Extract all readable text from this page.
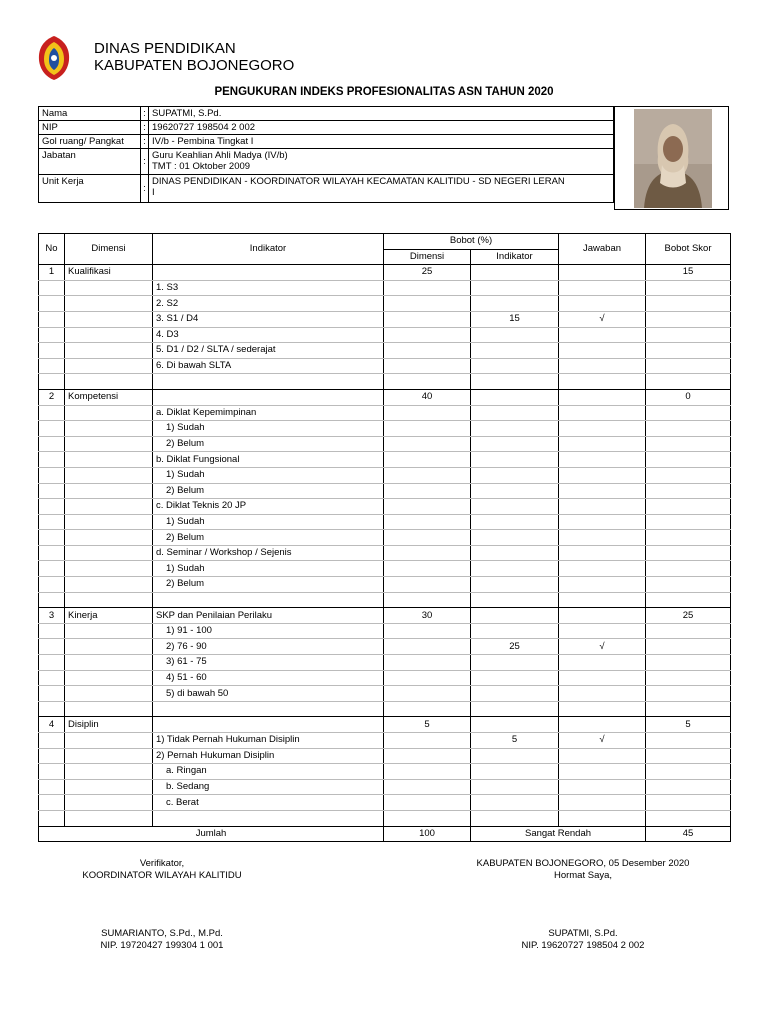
DINAS PENDIDIKAN
KABUPATEN BOJONEGORO
PENGUKURAN INDEKS PROFESIONALITAS ASN TAHUN 2020
Nama	:	SUPATMI, S.Pd.
NIP	:	19620727 198504 2 002
Gol ruang/ Pangkat	:	IV/b - Pembina Tingkat I
Jabatan	:	Guru Keahlian Ahli Madya (IV/b)
TMT : 01 Oktober 2009

Unit Kerja	:	DINAS PENDIDIKAN - KOORDINATOR WILAYAH KECAMATAN KALITIDU - SD NEGERI LERAN
I
No	Dimensi	Indikator	Bobot (%)		Jawaban	Bobot Skor
			Dimensi	Indikator		
1	Kualifikasi		25			15
		1. S3				
		2. S2				
		3. S1 / D4		15	√	
		4. D3				
		5. D1 / D2 / SLTA / sederajat				
		6. Di bawah SLTA				

2	Kompetensi		40			0
		a. Diklat Kepemimpinan				
		1) Sudah				
		2) Belum				
		b. Diklat Fungsional				
		1) Sudah				
		2) Belum				
		c. Diklat Teknis 20 JP				
		1) Sudah				
		2) Belum				
		d. Seminar / Workshop / Sejenis				
		1) Sudah				
		2) Belum				

3	Kinerja	SKP dan Penilaian Perilaku	30			25
		1) 91 - 100				
		2) 76 - 90		25	√	
		3) 61 - 75				
		4) 51 - 60				
		5) di bawah 50				

4	Disiplin		5			5
		1) Tidak Pernah Hukuman Disiplin		5	√	
		2) Pernah Hukuman Disiplin				
		a. Ringan				
		b. Sedang				
		c. Berat				

Jumlah			100	Sangat Rendah		45
Verifikator,
KOORDINATOR WILAYAH KALITIDU
KABUPATEN BOJONEGORO, 05 Desember 2020
Hormat Saya,
SUMARIANTO, S.Pd., M.Pd.
NIP. 19720427 199304 1 001
SUPATMI, S.Pd.
NIP. 19620727 198504 2 002
